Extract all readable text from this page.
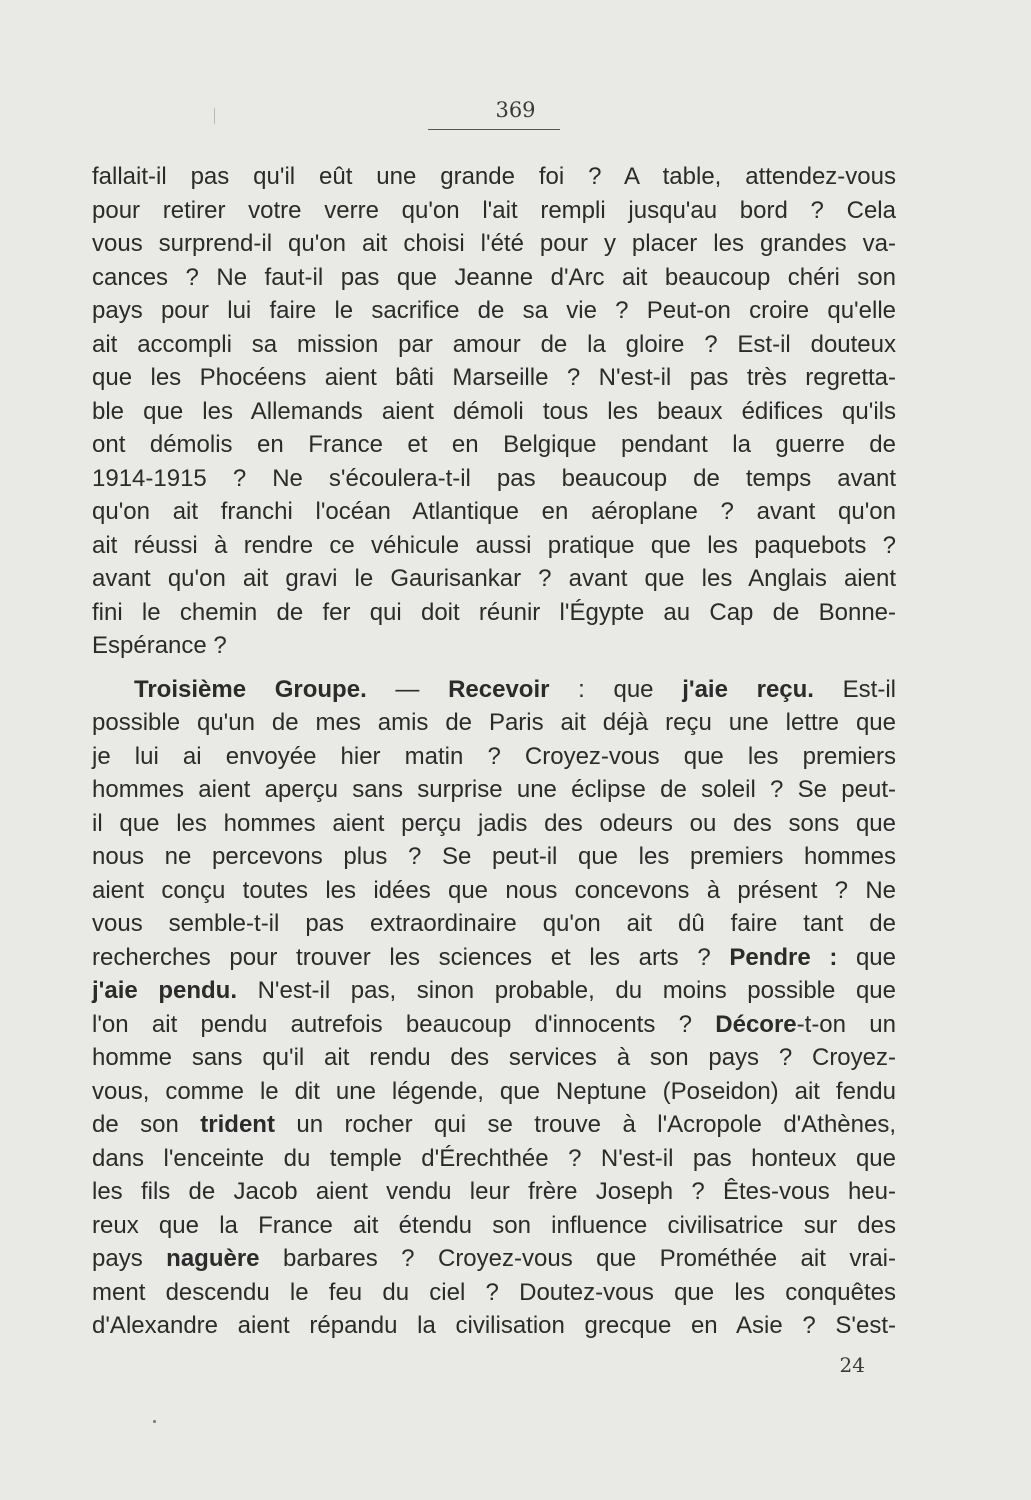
369
fallait-il pas qu'il eût une grande foi ? A table, attendez-vous
pour retirer votre verre qu'on l'ait rempli jusqu'au bord ? Cela
vous surprend-il qu'on ait choisi l'été pour y placer les grandes va-
cances ? Ne faut-il pas que Jeanne d'Arc ait beaucoup chéri son
pays pour lui faire le sacrifice de sa vie ? Peut-on croire qu'elle
ait accompli sa mission par amour de la gloire ? Est-il douteux
que les Phocéens aient bâti Marseille ? N'est-il pas très regretta-
ble que les Allemands aient démoli tous les beaux édifices qu'ils
ont démolis en France et en Belgique pendant la guerre de
1914-1915 ? Ne s'écoulera-t-il pas beaucoup de temps avant
qu'on ait franchi l'océan Atlantique en aéroplane ? avant qu'on
ait réussi à rendre ce véhicule aussi pratique que les paquebots ?
avant qu'on ait gravi le Gaurisankar ? avant que les Anglais aient
fini le chemin de fer qui doit réunir l'Égypte au Cap de Bonne-
Espérance ?
Troisième Groupe. — Recevoir : que j'aie reçu. Est-il
possible qu'un de mes amis de Paris ait déjà reçu une lettre que
je lui ai envoyée hier matin ? Croyez-vous que les premiers
hommes aient aperçu sans surprise une éclipse de soleil ? Se peut-
il que les hommes aient perçu jadis des odeurs ou des sons que
nous ne percevons plus ? Se peut-il que les premiers hommes
aient conçu toutes les idées que nous concevons à présent ? Ne
vous semble-t-il pas extraordinaire qu'on ait dû faire tant de
recherches pour trouver les sciences et les arts ? Pendre : que
j'aie pendu. N'est-il pas, sinon probable, du moins possible que
l'on ait pendu autrefois beaucoup d'innocents ? Décore-t-on un
homme sans qu'il ait rendu des services à son pays ? Croyez-
vous, comme le dit une légende, que Neptune (Poseidon) ait fendu
de son trident un rocher qui se trouve à l'Acropole d'Athènes,
dans l'enceinte du temple d'Érechthée ? N'est-il pas honteux que
les fils de Jacob aient vendu leur frère Joseph ? Êtes-vous heu-
reux que la France ait étendu son influence civilisatrice sur des
pays naguère barbares ? Croyez-vous que Prométhée ait vrai-
ment descendu le feu du ciel ? Doutez-vous que les conquêtes
d'Alexandre aient répandu la civilisation grecque en Asie ? S'est-
24
